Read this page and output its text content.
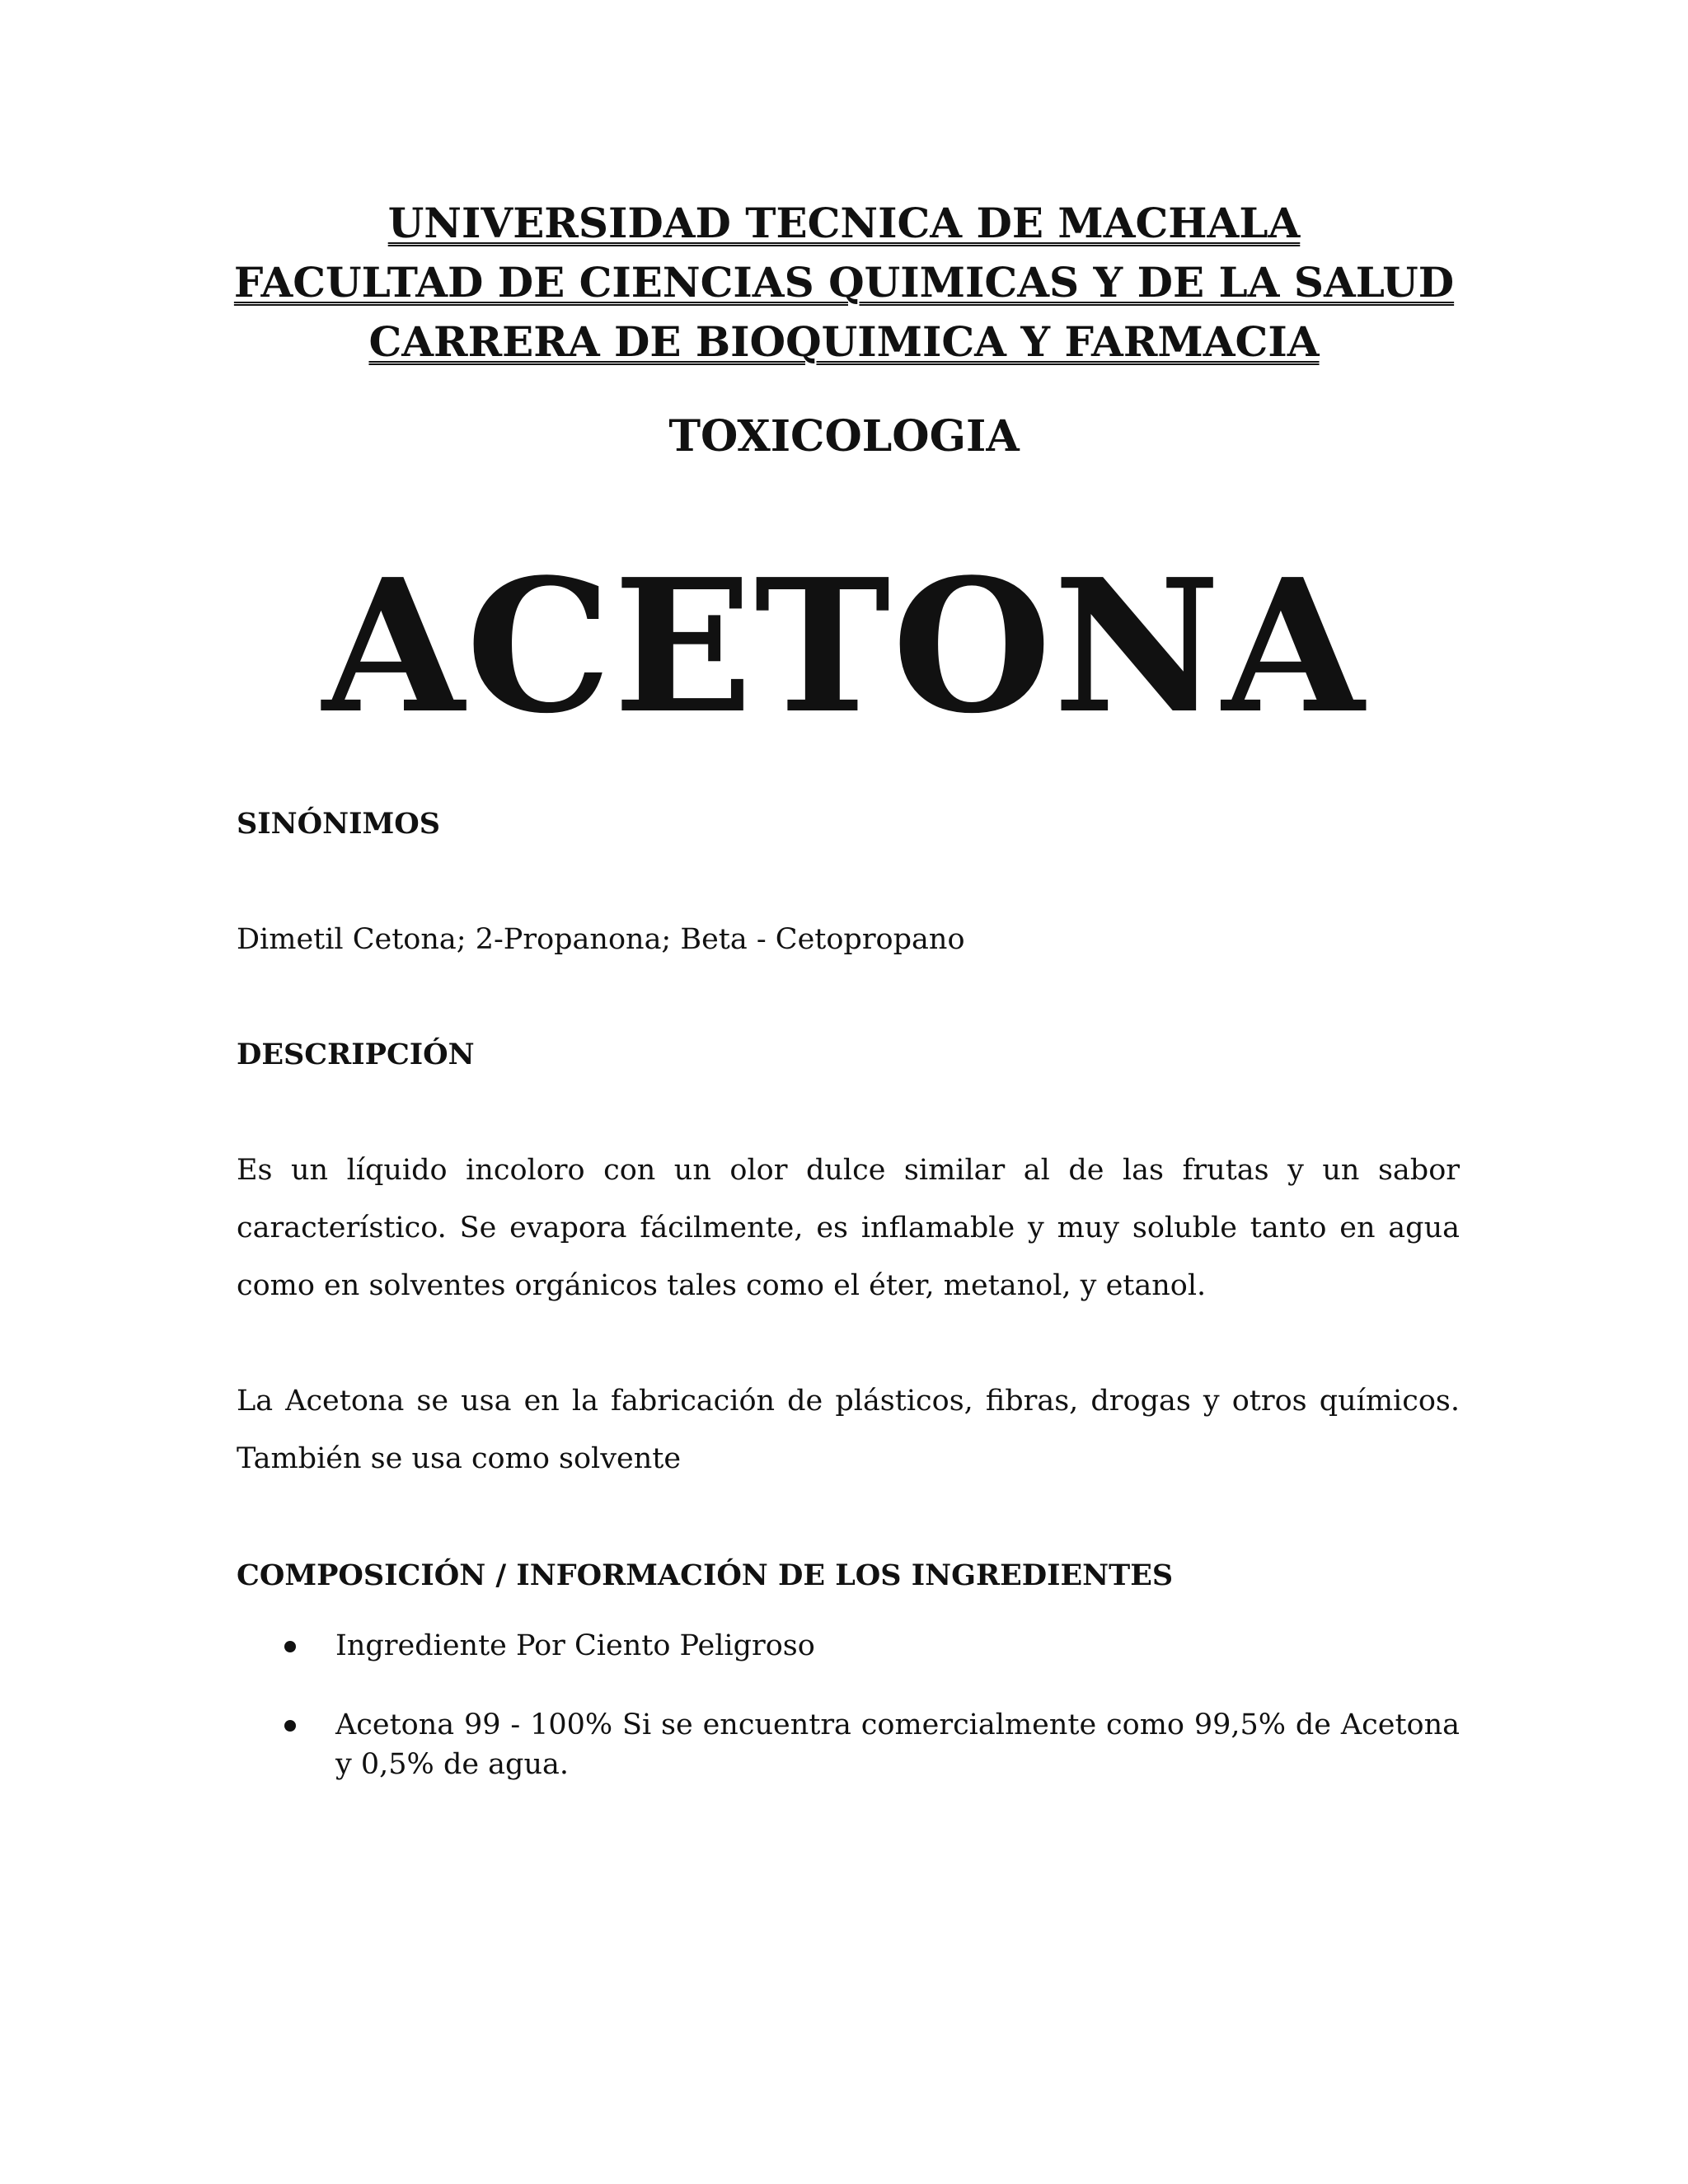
UNIVERSIDAD TECNICA DE MACHALA
FACULTAD DE CIENCIAS QUIMICAS Y DE LA SALUD
CARRERA DE BIOQUIMICA Y FARMACIA
TOXICOLOGIA
ACETONA
SINÓNIMOS

Dimetil Cetona; 2-Propanona; Beta - Cetopropano

DESCRIPCIÓN

Es un líquido incoloro con un olor dulce similar al de las frutas y un sabor característico. Se evapora fácilmente, es inflamable y muy soluble tanto en agua como en solventes orgánicos tales como el éter, metanol, y etanol.

La Acetona se usa en la fabricación de plásticos, fibras, drogas y otros químicos. También se usa como solvente

COMPOSICIÓN / INFORMACIÓN DE LOS INGREDIENTES
Ingrediente Por Ciento Peligroso
Acetona 99 - 100% Si se encuentra comercialmente como 99,5% de Acetona y 0,5% de agua.
